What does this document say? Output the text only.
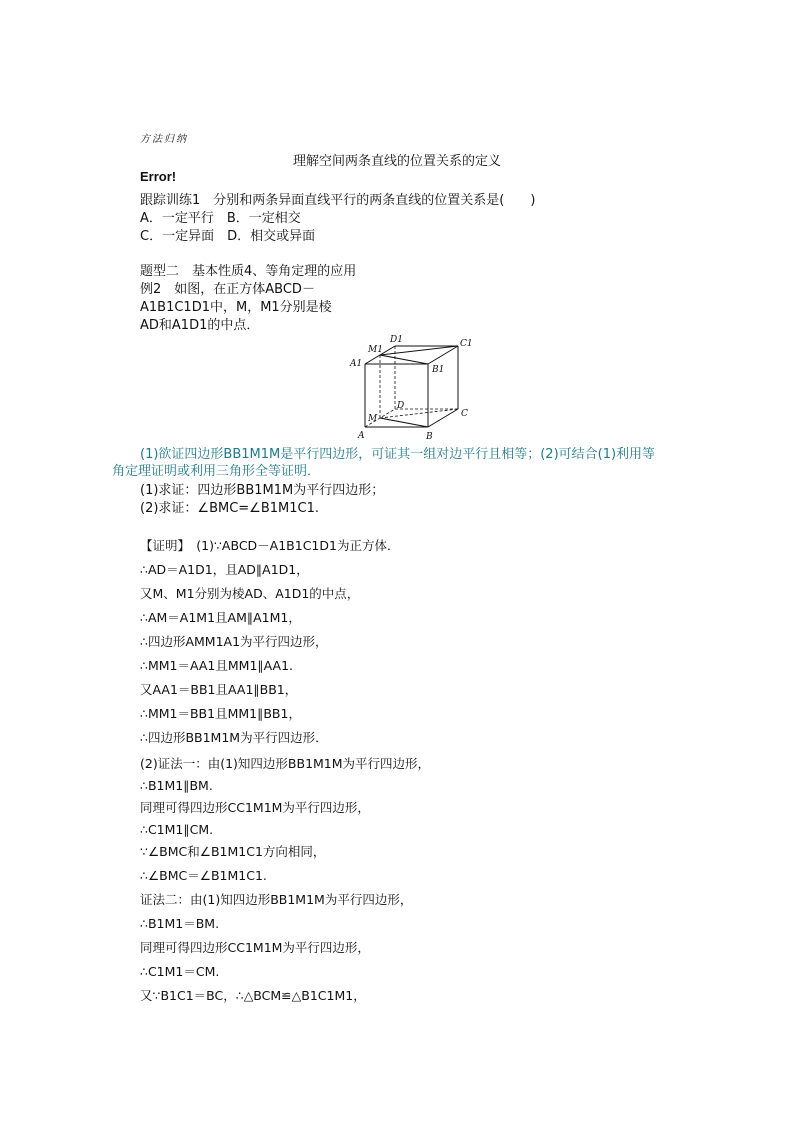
方法归纳
理解空间两条直线的位置关系的定义
Error!
跟踪训练1　分别和两条异面直线平行的两条直线的位置关系是(　　)
A．一定平行　B．一定相交
C．一定异面　D．相交或异面
题型二　基本性质4、等角定理的应用
例2　如图，在正方体ABCD－
A1B1C1D1中，M，M1分别是棱
AD和A1D1的中点．
A	B
C
D
A1
B1
C1
D1
M
M1
(1)欲证四边形BB1M1M是平行四边形，可证其一组对边平行且相等；(2)可结合(1)利用等
角定理证明或利用三角形全等证明．
(1)求证：四边形BB1M1M为平行四边形；
(2)求证：∠BMC=∠B1M1C1.
【证明】　(1)∵ABCD－A1B1C1D1为正方体．
∴AD＝A1D1，且AD∥A1D1，
又M、M1分别为棱AD、A1D1的中点，
∴AM＝A1M1且AM∥A1M1，
∴四边形AMM1A1为平行四边形，
∴MM1＝AA1且MM1∥AA1.
又AA1＝BB1且AA1∥BB1，
∴MM1＝BB1且MM1∥BB1，
∴四边形BB1M1M为平行四边形．
(2)证法一：由(1)知四边形BB1M1M为平行四边形，
∴B1M1∥BM.
同理可得四边形CC1M1M为平行四边形，
∴C1M1∥CM.
∵∠BMC和∠B1M1C1方向相同，
∴∠BMC＝∠B1M1C1.
证法二：由(1)知四边形BB1M1M为平行四边形，
∴B1M1＝BM.
同理可得四边形CC1M1M为平行四边形，
∴C1M1＝CM.
又∵B1C1＝BC，∴△BCM≌△B1C1M1，
